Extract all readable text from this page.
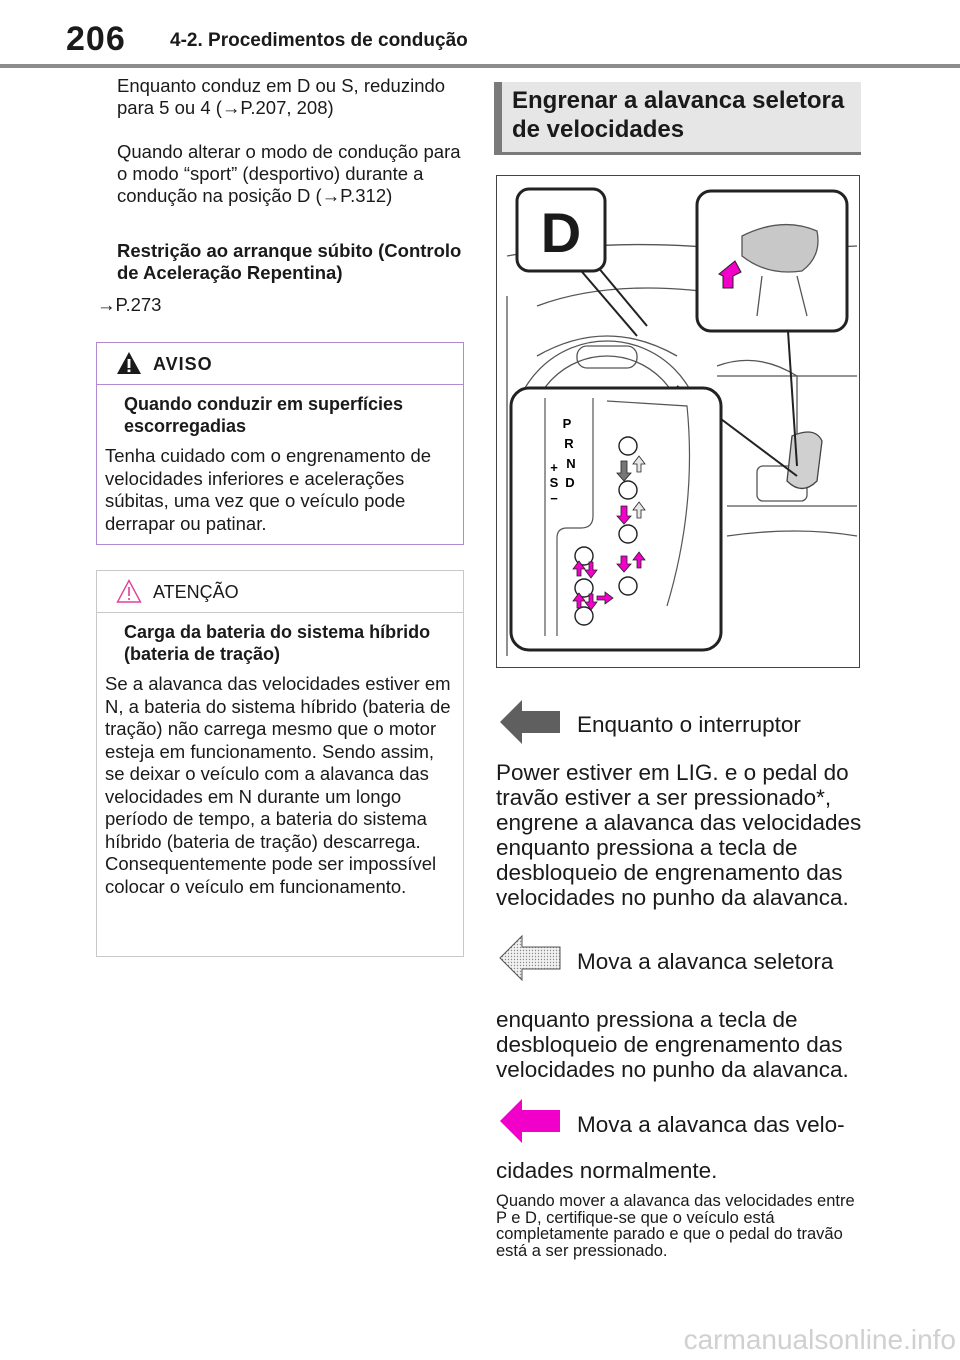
206 4-2. Procedimentos de condução

Enquanto conduz em D ou S, reduzindo para 5 ou 4 (→P.207, 208)

Quando alterar o modo de condução para o modo “sport” (desportivo) durante a condução na posição D (→P.312)

Restrição ao arranque súbito (Controlo de Aceleração Repentina)

→P.273

AVISO
Quando conduzir em superfícies escorregadias
Tenha cuidado com o engrenamento de velocidades inferiores e acelerações súbitas, uma vez que o veículo pode derrapar ou patinar.
ATENÇÃO
Carga da bateria do sistema híbrido (bateria de tração)
Se a alavanca das velocidades estiver em N, a bateria do sistema híbrido (bateria de tração) não carrega mesmo que o motor esteja em funcionamento. Sendo assim, se deixar o veículo com a alavanca das velocidades em N durante um longo período de tempo, a bateria do sistema híbrido (bateria de tração) descarrega. Consequentemente pode ser impossível colocar o veículo em funcionamento.
Engrenar a alavanca seletora de velocidades
D
P
R
N
D
+
S
−
Enquanto o interruptor
Power estiver em LIG. e o pedal do travão estiver a ser pressionado*, engrene a alavanca das velocidades enquanto pressiona a tecla de desbloqueio de engrenamento das velocidades no punho da alavanca.
Mova a alavanca seletora
enquanto pressiona a tecla de desbloqueio de engrenamento das velocidades no punho da alavanca.
Mova a alavanca das velo-
cidades normalmente.
Quando mover a alavanca das velocidades entre P e D, certifique-se que o veículo está completamente parado e que o pedal do travão está a ser pressionado.
carmanualsonline.info
